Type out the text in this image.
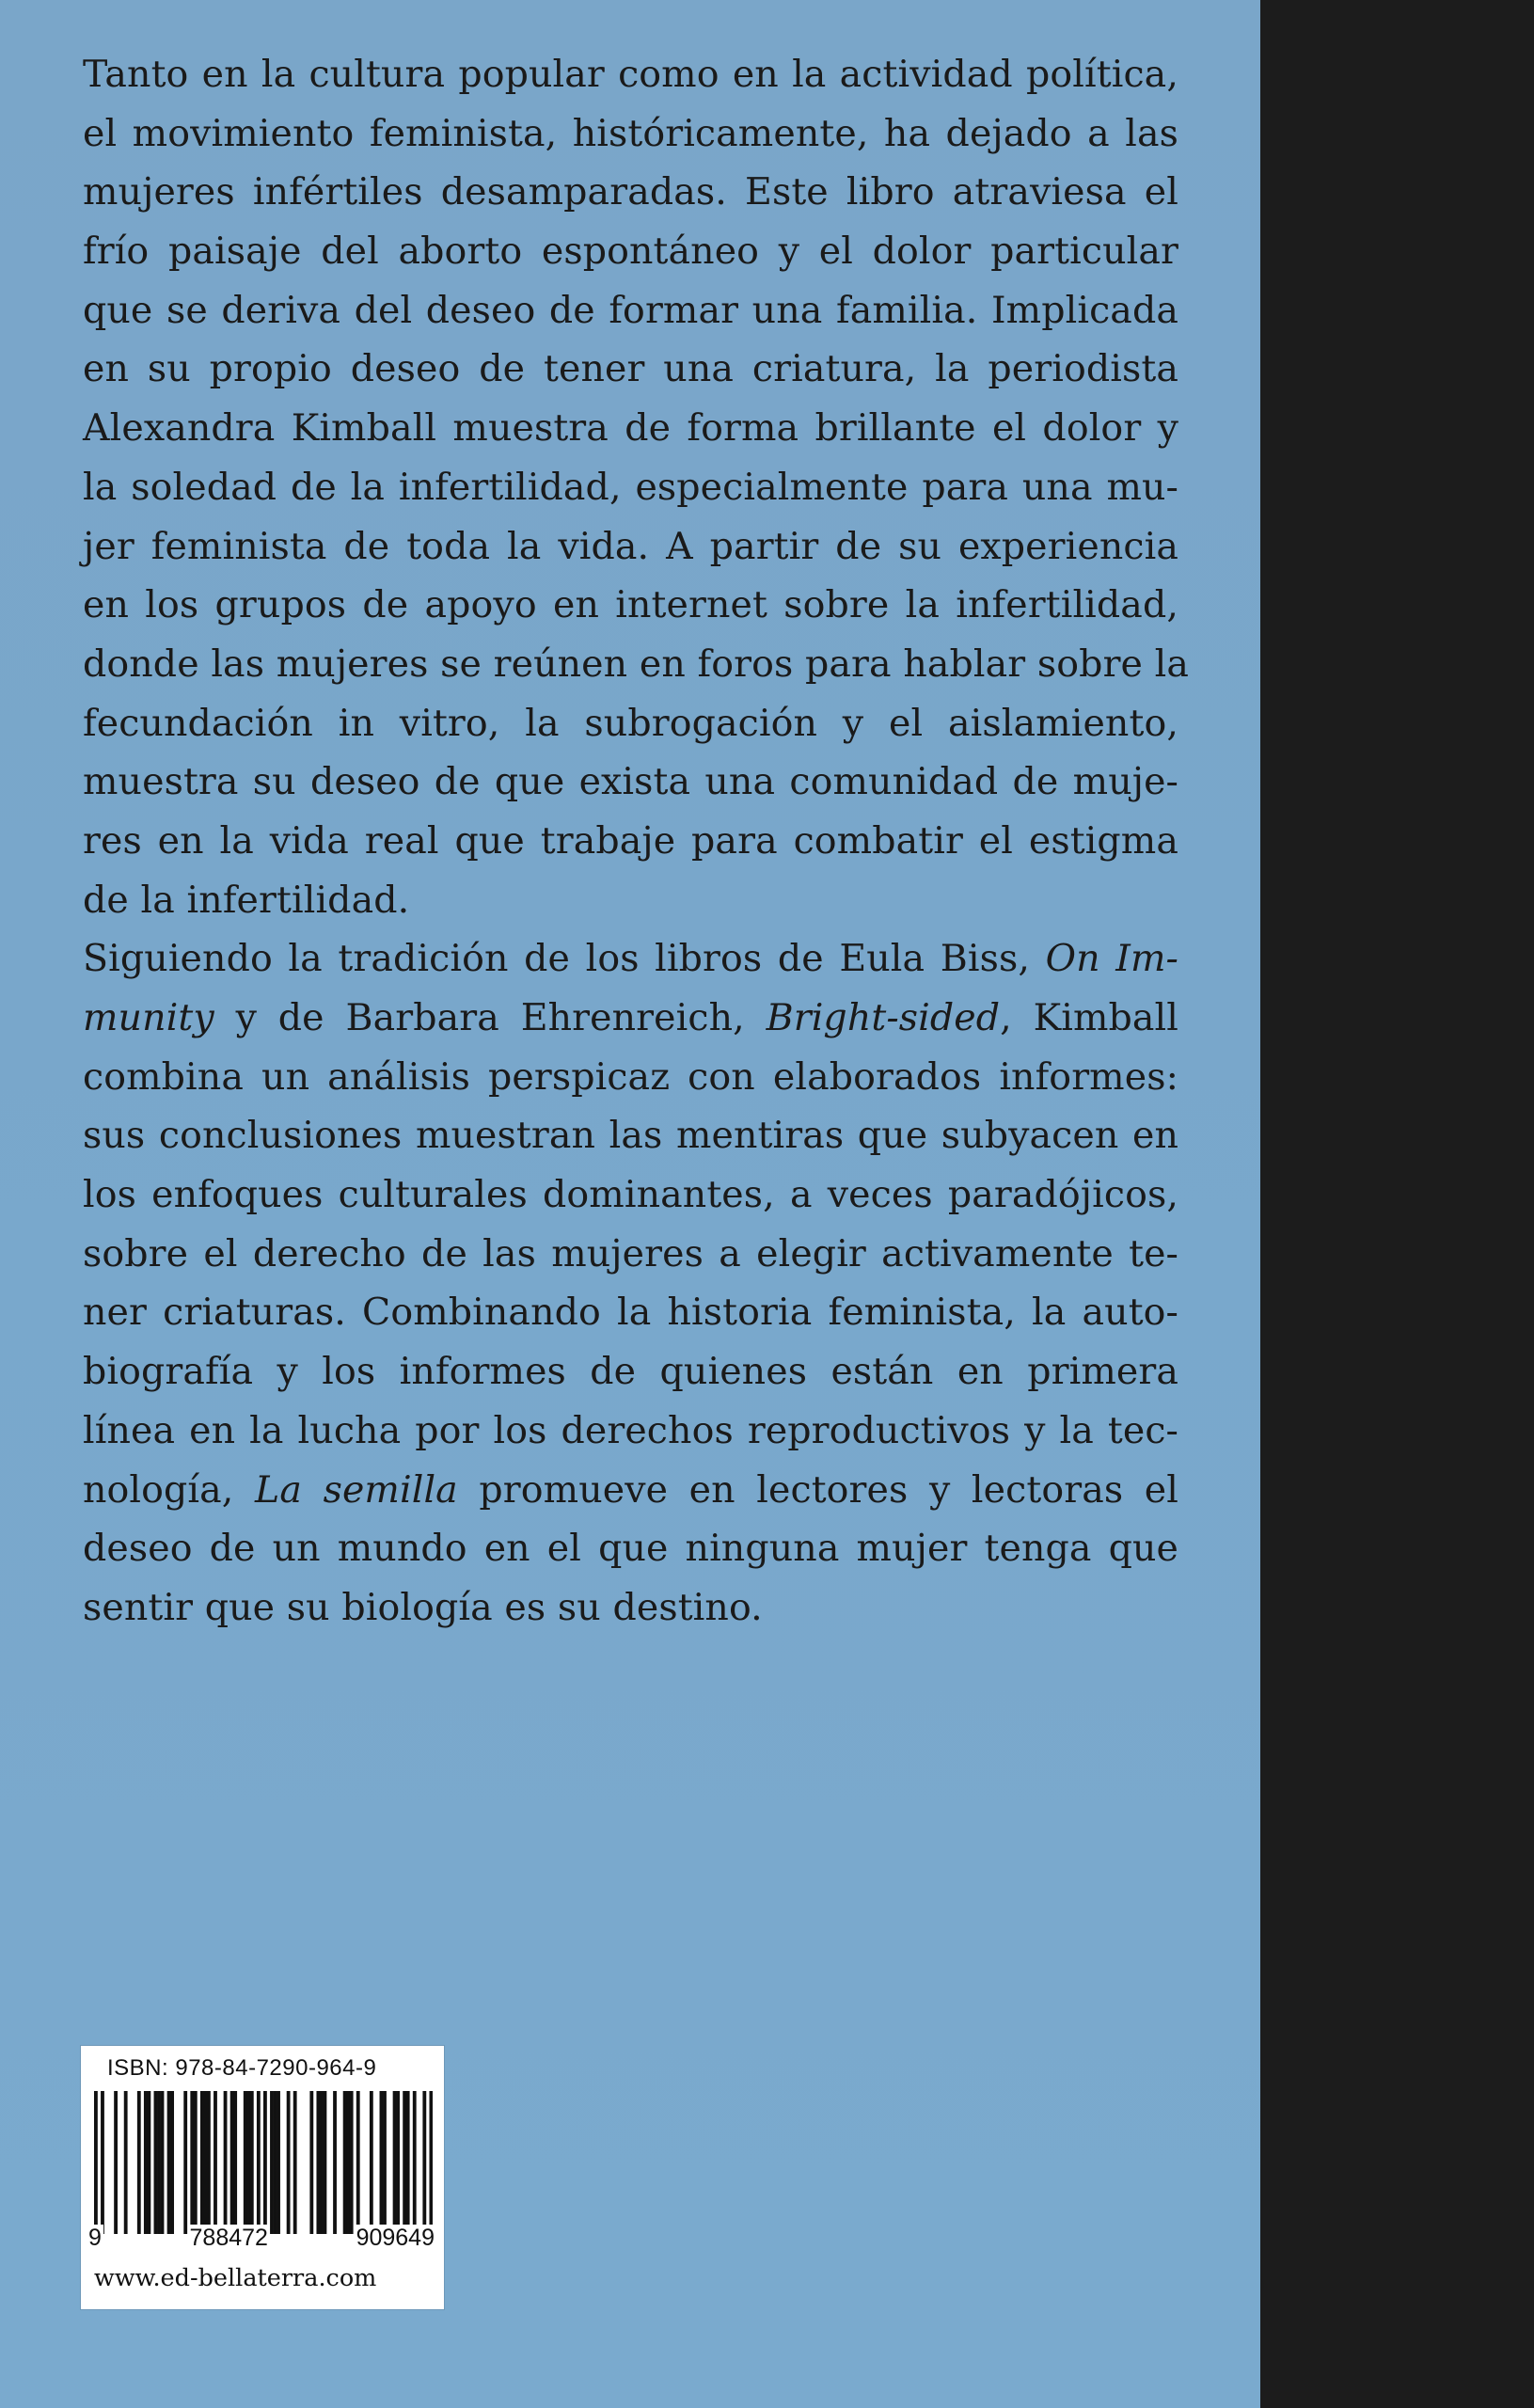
Tanto en la cultura popular como en la actividad política,
el movimiento feminista, históricamente, ha dejado a las
mujeres infértiles desamparadas. Este libro atraviesa el
frío paisaje del aborto espontáneo y el dolor particular
que se deriva del deseo de formar una familia. Implicada
en su propio deseo de tener una criatura, la periodista
Alexandra Kimball muestra de forma brillante el dolor y
la soledad de la infertilidad, especialmente para una mu-
jer feminista de toda la vida. A partir de su experiencia
en los grupos de apoyo en internet sobre la infertilidad,
donde las mujeres se reúnen en foros para hablar sobre la
fecundación in vitro, la subrogación y el aislamiento,
muestra su deseo de que exista una comunidad de muje-
res en la vida real que trabaje para combatir el estigma
de la infertilidad.
Siguiendo la tradición de los libros de Eula Biss, On Im-
munity y de Barbara Ehrenreich, Bright-sided, Kimball
combina un análisis perspicaz con elaborados informes:
sus conclusiones muestran las mentiras que subyacen en
los enfoques culturales dominantes, a veces paradójicos,
sobre el derecho de las mujeres a elegir activamente te-
ner criaturas. Combinando la historia feminista, la auto-
biografía y los informes de quienes están en primera
línea en la lucha por los derechos reproductivos y la tec-
nología, La semilla promueve en lectores y lectoras el
deseo de un mundo en el que ninguna mujer tenga que
sentir que su biología es su destino.
ISBN: 978-84-7290-964-9
9	788472	909649
www.ed-bellaterra.com
